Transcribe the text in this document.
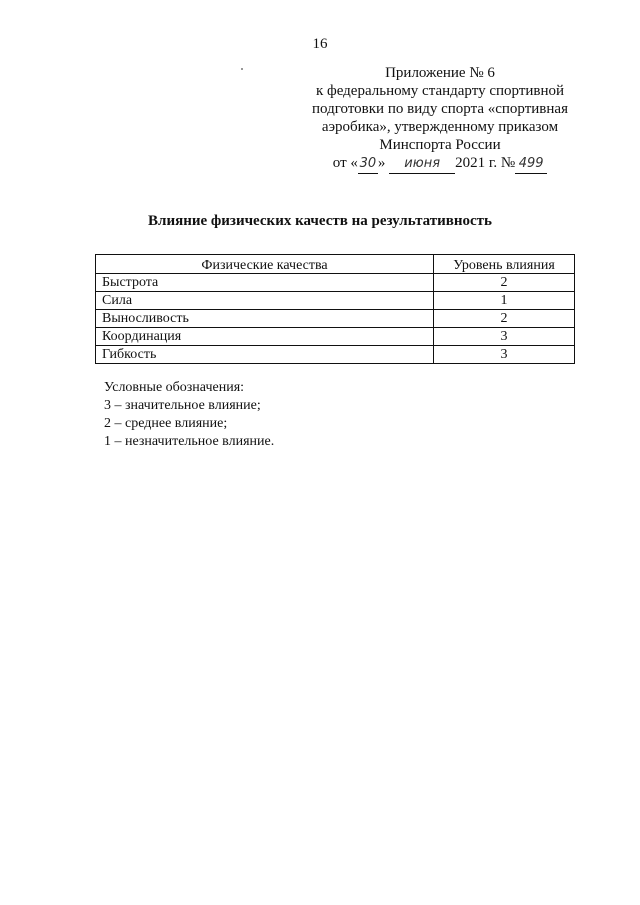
16
Приложение № 6
к федеральному стандарту спортивной
подготовки по виду спорта «спортивная
аэробика», утвержденному приказом
Минспорта России
от « 30 » июня 2021 г. № 499
Влияние физических качеств на результативность
Физические качества	Уровень влияния
Быстрота	2
Сила	1
Выносливость	2
Координация	3
Гибкость	3
Условные обозначения:
3 – значительное влияние;
2 – среднее влияние;
1 – незначительное влияние.
